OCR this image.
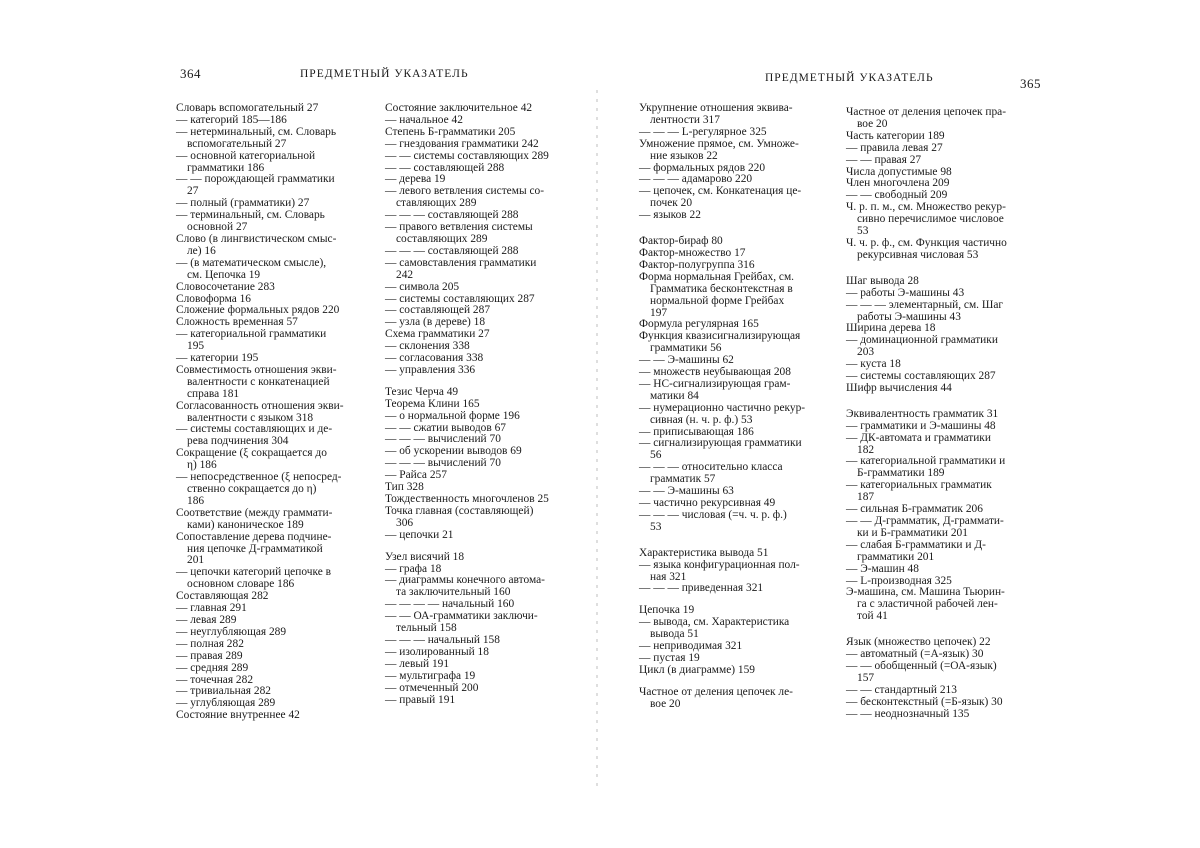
364	ПРЕДМЕТНЫЙ УКАЗАТЕЛЬ
Словарь вспомогательный 27
— категорий 185—186
— нетерминальный, см. Словарь
вспомогательный 27
— основной категориальной
грамматики 186
— — порождающей грамматики
27
— полный (грамматики) 27
— терминальный, см. Словарь
основной 27
Слово (в лингвистическом смыс-
ле) 16
— (в математическом смысле),
см. Цепочка 19
Словосочетание 283
Словоформа 16
Сложение формальных рядов 220
Сложность временная 57
— категориальной грамматики
195
— категории 195
Совместимость отношения экви-
валентности с конкатенацией
справа 181
Согласованность отношения экви-
валентности с языком 318
— системы составляющих и де-
рева подчинения 304
Сокращение (ξ сокращается до
η) 186
— непосредственное (ξ непосред-
ственно сокращается до η)
186
Соответствие (между граммати-
ками) каноническое 189
Сопоставление дерева подчине-
ния цепочке Д-грамматикой
201
— цепочки категорий цепочке в
основном словаре 186
Составляющая 282
— главная 291
— левая 289
— неуглубляющая 289
— полная 282
— правая 289
— средняя 289
— точечная 282
— тривиальная 282
— углубляющая 289
Состояние внутреннее 42
Состояние заключительное 42
— начальное 42
Степень Б-грамматики 205
— гнездования грамматики 242
— — системы составляющих 289
— — составляющей 288
— дерева 19
— левого ветвления системы со-
ставляющих 289
— — — составляющей 288
— правого ветвления системы
составляющих 289
— — — составляющей 288
— самовставления грамматики
242
— символа 205
— системы составляющих 287
— составляющей 287
— узла (в дереве) 18
Схема грамматики 27
— склонения 338
— согласования 338
— управления 336
Тезис Черча 49
Теорема Клини 165
— о нормальной форме 196
— — сжатии выводов 67
— — — вычислений 70
— об ускорении выводов 69
— — — вычислений 70
— Райса 257
Тип 328
Тождественность многочленов 25
Точка главная (составляющей)
306
— цепочки 21
Узел висячий 18
— графа 18
— диаграммы конечного автома-
та заключительный 160
— — — — начальный 160
— — ОА-грамматики заключи-
тельный 158
— — — начальный 158
— изолированный 18
— левый 191
— мультиграфа 19
— отмеченный 200
— правый 191
ПРЕДМЕТНЫЙ УКАЗАТЕЛЬ	365
Укрупнение отношения эквива-
лентности 317
— — — L-регулярное 325
Умножение прямое, см. Умноже-
ние языков 22
— формальных рядов 220
— — — адамарово 220
— цепочек, см. Конкатенация це-
почек 20
— языков 22
Фактор-бираф 80
Фактор-множество 17
Фактор-полугруппа 316
Форма нормальная Грейбах, см.
Грамматика бесконтекстная в
нормальной форме Грейбах
197
Формула регулярная 165
Функция квазисигнализирующая
грамматики 56
— — Э-машины 62
— множеств неубывающая 208
— НС-сигнализирующая грам-
матики 84
— нумерационно частично рекур-
сивная (н. ч. р. ф.) 53
— приписывающая 186
— сигнализирующая грамматики
56
— — — относительно класса
грамматик 57
— — Э-машины 63
— частично рекурсивная 49
— — — числовая (=ч. ч. р. ф.)
53
Характеристика вывода 51
— языка конфигурационная пол-
ная 321
— — — приведенная 321
Цепочка 19
— вывода, см. Характеристика
вывода 51
— неприводимая 321
— пустая 19
Цикл (в диаграмме) 159
Частное от деления цепочек ле-
вое 20
Частное от деления цепочек пра-
вое 20
Часть категории 189
— правила левая 27
— — правая 27
Числа допустимые 98
Член многочлена 209
— — свободный 209
Ч. р. п. м., см. Множество рекур-
сивно перечислимое числовое
53
Ч. ч. р. ф., см. Функция частично
рекурсивная числовая 53
Шаг вывода 28
— работы Э-машины 43
— — — элементарный, см. Шаг
работы Э-машины 43
Ширина дерева 18
— доминационной грамматики
203
— куста 18
— системы составляющих 287
Шифр вычисления 44
Эквивалентность грамматик 31
— грамматики и Э-машины 48
— ДК-автомата и грамматики
182
— категориальной грамматики и
Б-грамматики 189
— категориальных грамматик
187
— сильная Б-грамматик 206
— — Д-грамматик, Д-граммати-
ки и Б-грамматики 201
— слабая Б-грамматики и Д-
грамматики 201
— Э-машин 48
— L-производная 325
Э-машина, см. Машина Тьюрин-
га с эластичной рабочей лен-
той 41
Язык (множество цепочек) 22
— автоматный (=А-язык) 30
— — обобщенный (=ОА-язык)
157
— — стандартный 213
— бесконтекстный (=Б-язык) 30
— — неоднозначный 135
